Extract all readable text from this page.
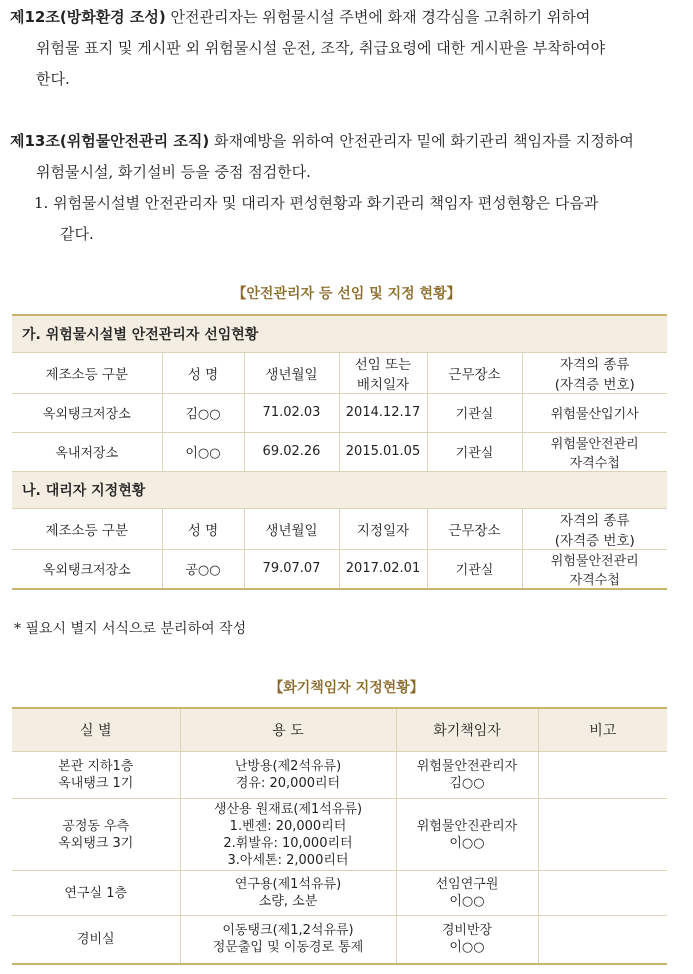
제12조(방화환경 조성) 안전관리자는 위험물시설 주변에 화재 경각심을 고취하기 위하여
위험물 표지 및 게시판 외 위험물시설 운전, 조작, 취급요령에 대한 게시판을 부착하여야
한다.
제13조(위험물안전관리 조직) 화재예방을 위하여 안전관리자 밑에 화기관리 책임자를 지정하여
위험물시설, 화기설비 등을 중점 점검한다.
1. 위험물시설별 안전관리자 및 대리자 편성현황과 화기관리 책임자 편성현황은 다음과
같다.
【안전관리자 등 선임 및 지정 현황】
가. 위험물시설별 안전관리자 선임현황					
제조소등 구분	성 명	생년월일	선임 또는
배치일자	근무장소	자격의 종류
(자격증 번호)
옥외탱크저장소	김○○	71.02.03	2014.12.17	기관실	위험물산입기사
옥내저장소	이○○	69.02.26	2015.01.05	기관실	위험물안전관리
자격수첩
나. 대리자 지정현황					
제조소등 구분	성 명	생년월일	지정일자	근무장소	자격의 종류
(자격증 번호)
옥외탱크저장소	공○○	79.07.07	2017.02.01	기관실	위험물안전관리
자격수첩
* 필요시 별지 서식으로 분리하여 작성
【화기책임자 지정현황】
실 별	용 도	화기책임자	비고
본관 지하1층
옥내탱크 1기	난방용(제2석유류)
경유: 20,000리터	위험물안전관리자
김○○	
공정동 우측
옥외탱크 3기	생산용 원재료(제1석유류)
1.벤젠: 20,000리터
2.휘발유: 10,000리터
3.아세톤: 2,000리터	위험물안진관리자
이○○	
연구실 1층	연구용(제1석유류)
소량, 소분	선임연구원
이○○	
경비실	이동탱크(제1,2석유류)
정문출입 및 이동경로 통제	경비반장
이○○	
